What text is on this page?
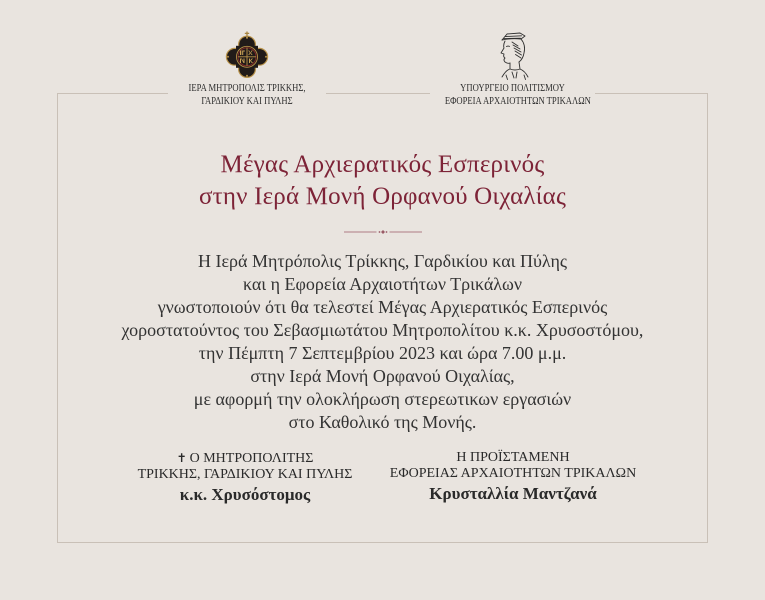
ΙΕΡΑ ΜΗΤΡΟΠΟΛΙΣ ΤΡΙΚΚΗΣ,
ΓΑΡΔΙΚΙΟΥ ΚΑΙ ΠΥΛΗΣ
ΥΠΟΥΡΓΕΙΟ ΠΟΛΙΤΙΣΜΟΥ
ΕΦΟΡΕΙΑ ΑΡΧΑΙΟΤΗΤΩΝ ΤΡΙΚΑΛΩΝ
Μέγας Αρχιερατικός Εσπερινός
στην Ιερά Μονή Ορφανού Οιχαλίας
Η Ιερά Μητρόπολις Τρίκκης, Γαρδικίου και Πύλης
και η Εφορεία Αρχαιοτήτων Τρικάλων
γνωστοποιούν ότι θα τελεστεί Μέγας Αρχιερατικός Εσπερινός
χοροστατούντος του Σεβασμιωτάτου Μητροπολίτου κ.κ. Χρυσοστόμου,
την Πέμπτη 7 Σεπτεμβρίου 2023 και ώρα 7.00 μ.μ.
στην Ιερά Μονή Ορφανού Οιχαλίας,
με αφορμή την ολοκλήρωση στερεωτικων εργασιών
στο Καθολικό της Μονής.
✝ Ο ΜΗΤΡΟΠΟΛΙΤΗΣ
ΤΡΙΚΚΗΣ, ΓΑΡΔΙΚΙΟΥ ΚΑΙ ΠΥΛΗΣ
κ.κ. Χρυσόστομος
Η ΠΡΟΪΣΤΑΜΕΝΗ
ΕΦΟΡΕΙΑΣ ΑΡΧΑΙΟΤΗΤΩΝ ΤΡΙΚΑΛΩΝ
Κρυσταλλία Μαντζανά
